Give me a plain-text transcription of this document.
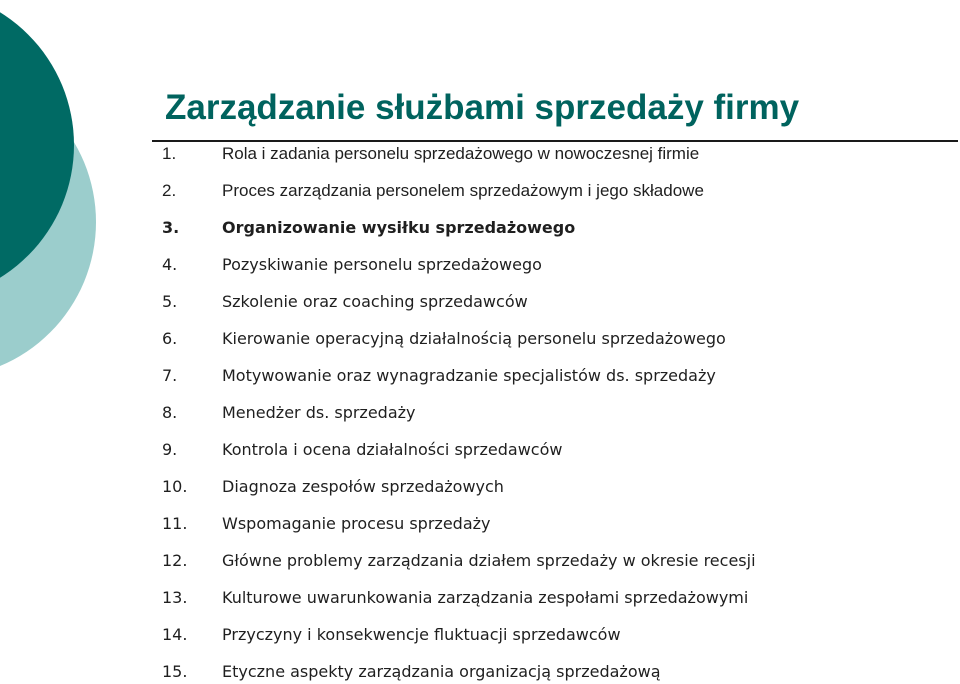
Zarządzanie służbami sprzedaży firmy
1.	Rola i zadania personelu sprzedażowego w nowoczesnej firmie
2.	Proces zarządzania personelem sprzedażowym i jego składowe
3.	Organizowanie wysiłku sprzedażowego
4.	Pozyskiwanie personelu sprzedażowego
5.	Szkolenie oraz coaching sprzedawców
6.	Kierowanie operacyjną działalnością personelu sprzedażowego
7.	Motywowanie oraz wynagradzanie specjalistów ds. sprzedaży
8.	Menedżer ds. sprzedaży
9.	Kontrola i ocena działalności sprzedawców
10. Diagnoza zespołów sprzedażowych
11. Wspomaganie procesu sprzedaży
12. Główne problemy zarządzania działem sprzedaży w okresie recesji
13. Kulturowe uwarunkowania zarządzania zespołami sprzedażowymi
14. Przyczyny i konsekwencje fluktuacji sprzedawców
15. Etyczne aspekty zarządzania organizacją sprzedażową
